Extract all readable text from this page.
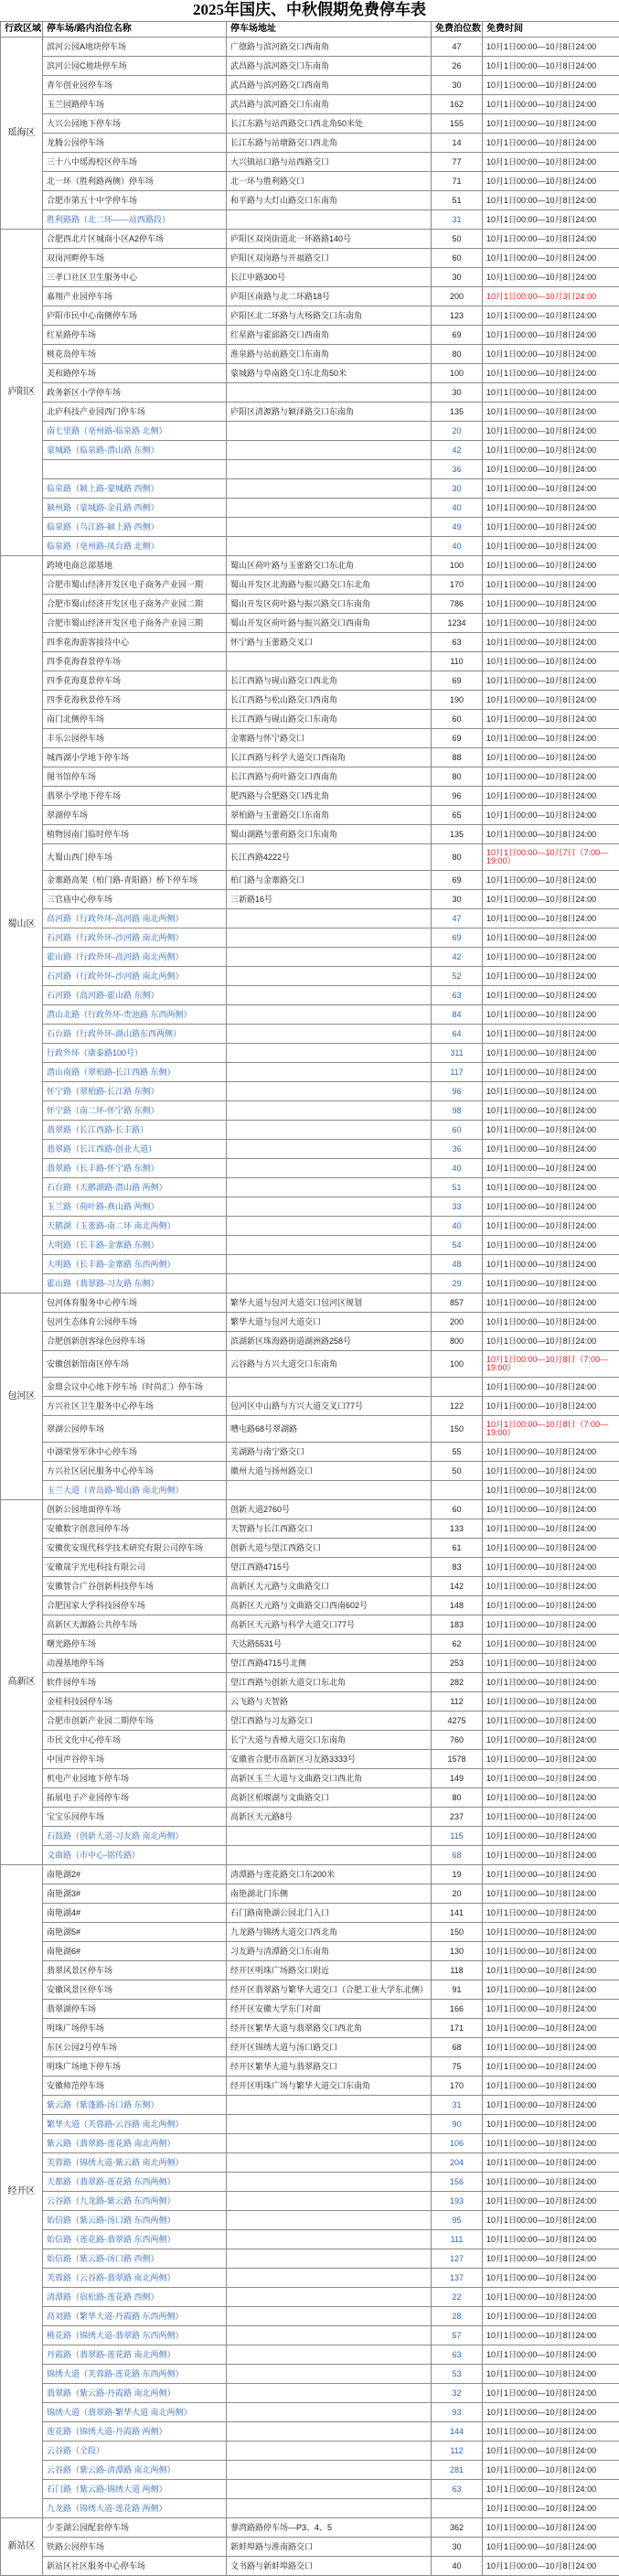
2025年国庆、中秋假期免费停车表
行政区域	停车场/路内泊位名称	停车场地址	免费泊位数	免费时间
瑶海区	滨河公园A地块停车场	广德路与滨河路交口西南角	47	10月1日00:00—10月8日24:00
	滨河公园C地块停车场	武昌路与滨河路交口东南角	26	10月1日00:00—10月8日24:00
	青年创业园停车场	武昌路与滨河路交口西南角	30	10月1日00:00—10月8日24:00
	玉兰园路停车场	武昌路与滨河路交口东南角	162	10月1日00:00—10月8日24:00
	大兴公园地下停车场	长江东路与站西路交口西北角50米处	155	10月1日00:00—10月8日24:00
	龙腾公园停车场	长江东路与站塘路交口西北角	14	10月1日00:00—10月8日24:00
	三十八中瑶海校区停车场	大兴镇站口路与站西路交口	77	10月1日00:00—10月8日24:00
	北一环（胜利路两侧）停车场	北一环与胜利路交口	71	10月1日00:00—10月8日24:00
	合肥市第五十中学停车场	和平路与大灯山路交口东南角	51	10月1日00:00—10月8日24:00
	胜利路路（北二环——站西路段）		31	10月1日00:00—10月8日24:00
庐阳区	合肥西北片区城商小区A2停车场	庐阳区双岗街道北一环路路140号	50	10月1日00:00—10月8日24:00
	双岗河畔停车场	庐阳区双岗路与开福路交口	60	10月1日00:00—10月8日24:00
	三孝口社区卫生服务中心	长江中路300号	30	10月1日00:00—10月8日24:00
	嘉翔产业园停车场	庐阳区南路与北二环路18号	200	10月1日00:00—10月3日24:00
	庐阳市民中心南侧停车场	庐阳区北二环路与大杨路交口东南角	123	10月1日00:00—10月8日24:00
	红星路停车场	红星路与霍邱路交口西南角	69	10月1日00:00—10月8日24:00
	桃花岛停车场	淮泉路与站前路交口东南角	80	10月1日00:00—10月8日24:00
	美和路停车场	蒙城路与阜南路交口东北角50米	100	10月1日00:00—10月8日24:00
	政务新区小学停车场		30	10月1日00:00—10月8日24:00
	北庐科技产业园西门停车场	庐阳区清源路与颖泽路交口东南角	135	10月1日00:00—10月8日24:00
	南七里路（亳州路-临泉路 北侧）		20	10月1日00:00—10月8日24:00
	蒙城路（临泉路-潜山路 东侧）		42	10月1日00:00—10月8日24:00
			36	10月1日00:00—10月8日24:00
	临泉路（颍上路-蒙城路 西侧）		30	10月1日00:00—10月8日24:00
	颍州路（蒙城路-金孔路 西侧）		40	10月1日00:00—10月8日24:00
	临泉路（乌江路-颍上路 西侧）		49	10月1日00:00—10月8日24:00
	临泉路（亳州路-凤台路 北侧）		40	10月1日00:00—10月8日24:00
蜀山区	跨境电商总部基地	蜀山区荷叶路与玉蕾路交口东北角	100	10月1日00:00—10月8日24:00
	合肥市蜀山经济开发区电子商务产业园一期	蜀山开发区北海路与振兴路交口东北角	170	10月1日00:00—10月8日24:00
	合肥市蜀山经济开发区电子商务产业园二期	蜀山开发区荷叶路与振兴路交口东南角	786	10月1日00:00—10月8日24:00
	合肥市蜀山经济开发区电子商务产业园三期	蜀山开发区荷叶路与振兴路交口西南角	1234	10月1日00:00—10月8日24:00
	四季花海游客接待中心	怀宁路与玉蕾路交叉口	63	10月1日00:00—10月8日24:00
	四季花海春景停车场		110	10月1日00:00—10月8日24:00
	四季花海夏景停车场	长江西路与砚山路交口西北角	69	10月1日00:00—10月8日24:00
	四季花海秋景停车场	长江西路与松山路交口西南角	190	10月1日00:00—10月8日24:00
	南门北侧停车场	长江西路与砚山路交口东南角	60	10月1日00:00—10月8日24:00
	丰乐公园停车场	金寨路与怀宁路交口	69	10月1日00:00—10月8日24:00
	城西湖小学地下停车场	长江西路与科学大道交口西南角	88	10月1日00:00—10月8日24:00
	图书馆停车场	长江西路与荷叶路交口西南角	80	10月1日00:00—10月8日24:00
	翡翠小学地下停车场	肥西路与合肥路交口西北角	96	10月1日00:00—10月8日24:00
	翠湖停车场	翠柏路与玉蕾路交口东南角	65	10月1日00:00—10月8日24:00
	植物园南门临时停车场	蜀山湖路与蕾荷路交口东南角	135	10月1日00:00—10月8日24:00
	大蜀山西门停车场	长江西路4222号	80	10月1日00:00—10月7日（7:00—19:00）
	金寨路高架（柏门路-青阳路）桥下停车场	柏门路与金寨路交口	69	10月1日00:00—10月8日24:00
	三官庙中心停车场	三新路16号	30	10月1日00:00—10月8日24:00
	高河路（行政外环-高河路 南北两侧）		47	10月1日00:00—10月8日24:00
	石河路（行政外环-沙河路 南北两侧）		69	10月1日00:00—10月8日24:00
	霍山路（行政外环-高河路 南北两侧）		42	10月1日00:00—10月8日24:00
	石河路（行政外环-沙河路 南北两侧）		52	10月1日00:00—10月8日24:00
	石河路（高河路-霍山路 东侧）		63	10月1日00:00—10月8日24:00
	潜山北路（行政外环-贵池路 东西两侧）		84	10月1日00:00—10月8日24:00
	石台路（行政外环-湖山路东西两侧）		64	10月1日00:00—10月8日24:00
	行政外环（康泰路100号）		311	10月1日00:00—10月8日24:00
	潜山南路（翠柏路-长江西路 东侧）		117	10月1日00:00—10月8日24:00
	怀宁路（翠柏路-长江路 东侧）		96	10月1日00:00—10月8日24:00
	怀宁路（南二环-怀宁路 东侧）		98	10月1日00:00—10月8日24:00
	翡翠路（长江西路-长丰路）		60	10月1日00:00—10月8日24:00
	翡翠路（长江西路-创业大道）		36	10月1日00:00—10月8日24:00
	翡翠路（长丰路-怀宁路 东侧）		40	10月1日00:00—10月8日24:00
	石台路（天鹅湖路-潜山路 两侧）		51	10月1日00:00—10月8日24:00
	玉兰路（荷叶路-燕山路 两侧）		33	10月1日00:00—10月8日24:00
	天鹅湖（玉蕾路-南二环 南北两侧）		40	10月1日00:00—10月8日24:00
	大明路（长丰路-金寨路 东侧）		54	10月1日00:00—10月8日24:00
	大明路（长丰路-金寨路 东西两侧）		48	10月1日00:00—10月8日24:00
	霍山路（翡翠路-习友路 东侧）		29	10月1日00:00—10月8日24:00
包河区	包河体育服务中心停车场	繁华大道与包河大道交口包河区规划	857	10月1日00:00—10月8日24:00
	包河生态体育公园停车场	繁华大道与包河大道交口	200	10月1日00:00—10月8日24:00
	合肥创新创客绿色园停车场	滨湖新区珠海路街道湖洲路258号	800	10月1日00:00—10月8日24:00
	安徽创新馆南区停车场	云谷路与方兴大道交口东南角	100	10月1日00:00—10月8日（7:00—19:00）
	金鼎会议中心地下停车场（时尚汇）停车场			10月1日00:00—10月8日24:00
	方兴社区卫生服务中心停车场	包河区中山路与方兴大道交叉口77号	122	10月1日00:00—10月8日24:00
	翠湖公园停车场	嘈屯路68号翠湖路	150	10月1日00:00—10月8日（7:00—19:00）
	中湖荣誉军休中心停车场	芜湖路与南宁路交口	55	10月1日00:00—10月8日24:00
	方兴社区居民服务中心停车场	徽州大道与扬州路交口	50	10月1日00:00—10月8日24:00
	玉兰大道（青岛路-蜀山路 南北两侧）			10月1日00:00—10月8日24:00
高新区	创新公园地面停车场	创新大道2760号	60	10月1日00:00—10月8日24:00
	安徽数字创意园停车场	天智路与长江西路交口	133	10月1日00:00—10月8日24:00
	安徽优安现代科学技术研究有限公司停车场	创新大道与望江西路交口	61	10月1日00:00—10月8日24:00
	安徽晟宇光电科技有限公司	望江西路4715号	83	10月1日00:00—10月8日24:00
	安徽智合广谷创新科技停车场	高新区天元路与文曲路交口	142	10月1日00:00—10月8日24:00
	合肥国家大学科技园停车场	高新区天元路与文曲路交口西南602号	148	10月1日00:00—10月8日24:00
	高新区天源路公共停车场	高新区天元路与科学大道交口77号	183	10月1日00:00—10月8日24:00
	曙光路停车场	天达路5531号	62	10月1日00:00—10月8日24:00
	动漫基地停车场	望江西路4715号北侧	253	10月1日00:00—10月8日24:00
	软件园停车场	望江西路与创新大道交口东北角	282	10月1日00:00—10月8日24:00
	金桂科技园停车场	云飞路与天智路	112	10月1日00:00—10月8日24:00
	合肥市创新产业园二期停车场	望江西路与习友路交口	4275	10月1日00:00—10月8日24:00
	市民文化中心停车场	长宁大道与香樟大道交口东南角	760	10月1日00:00—10月8日24:00
	中国声谷停车场	安徽省合肥市高新区习友路3333号	1578	10月1日00:00—10月8日24:00
	机电产业园地下停车场	高新区玉兰大道与文曲路交口西北角	149	10月1日00:00—10月8日24:00
	拓展电子产业园停车场	高新区柏堰湖与文曲路交口	80	10月1日00:00—10月8日24:00
	宝宝乐园停车场	高新区天元路8号	237	10月1日00:00—10月8日24:00
	石鼓路（创新大道-习友路 南北两侧）		115	10月1日00:00—10月8日24:00
	文曲路（市中心-铭传路）		68	10月1日00:00—10月8日24:00
经开区	南艳湖2#	清潭路与莲花路交口东200米	19	10月1日00:00—10月8日24:00
	南艳湖3#	南艳湖北门东侧	20	10月1日00:00—10月8日24:00
	南艳湖4#	石门路南艳湖公园北门入口	141	10月1日00:00—10月8日24:00
	南艳湖5#	九龙路与锦绣大道交口西北角	150	10月1日00:00—10月8日24:00
	南艳湖6#	习友路与清潭路交口东南角	130	10月1日00:00—10月8日24:00
	翡翠风景区停车场	经开区明珠广场路交口附近	118	10月1日00:00—10月8日24:00
	安徽风景区停车场	经开区翡翠路与繁华大道交口（合肥工业大学东北侧）	91	10月1日00:00—10月8日24:00
	翡翠湖停车场	经开区安徽大学东门对面	166	10月1日00:00—10月8日24:00
	明珠广场停车场	经开区繁华大道与翡翠路交口西北角	171	10月1日00:00—10月8日24:00
	东区公园2号停车场	经开区锦绣大道与汤口路交口	68	10月1日00:00—10月8日24:00
	明珠广场地下停车场	经开区繁华大道与翡翠路交口	75	10月1日00:00—10月8日24:00
	安徽师范停车场	经开区明珠广场与繁华大道交口东南角	170	10月1日00:00—10月8日24:00
	紫云路（紫蓬路-汤口路 东侧）		31	10月1日00:00—10月8日24:00
	繁华大道（芙蓉路-云谷路 南北两侧）		90	10月1日00:00—10月8日24:00
	紫云路（翡翠路-莲花路 南北两侧）		106	10月1日00:00—10月8日24:00
	芙蓉路（锦绣大道-紫云路 南北两侧）		204	10月1日00:00—10月8日24:00
	天都路（翡翠路-莲花路 东西两侧）		156	10月1日00:00—10月8日24:00
	云谷路（九龙路-紫云路 东西两侧）		193	10月1日00:00—10月8日24:00
	始信路（紫云路-汤口路 东西两侧）		95	10月1日00:00—10月8日24:00
	始信路（莲花路-翡翠路 东西两侧）		111	10月1日00:00—10月8日24:00
	始信路（紫云路-汤口路 西侧）		127	10月1日00:00—10月8日24:00
	芙蓉路（云谷路-翡翠路 南北两侧）		137	10月1日00:00—10月8日24:00
	清潭路（宿松路-莲花路 西侧）		22	10月1日00:00—10月8日24:00
	高刘路（繁华大道-丹霞路 东西两侧）		28	10月1日00:00—10月8日24:00
	桃花路（锦绣大道-翡翠路 东西两侧）		57	10月1日00:00—10月8日24:00
	丹霞路（翡翠路-莲花路 南北两侧）		63	10月1日00:00—10月8日24:00
	锦绣大道（芙蓉路-莲花路 东西两侧）		53	10月1日00:00—10月8日24:00
	翡翠路（紫云路-丹霞路 南北两侧）		32	10月1日00:00—10月8日24:00
	锦绣大道（翡翠路-繁华大道 南北两侧）		93	10月1日00:00—10月8日24:00
	莲花路（锦绣大道-丹霞路 两侧）		144	10月1日00:00—10月8日24:00
	云谷路（全段）		112	10月1日00:00—10月8日24:00
	云谷路（紫云路-清潭路 南北两侧）		281	10月1日00:00—10月8日24:00
	石门路（紫云路-锦绣大道 两侧）		63	10月1日00:00—10月8日24:00
	九龙路（锦绣大道-莲花路 两侧）			10月1日00:00—10月8日24:00
新站区	少荃湖公园配套停车场	蓼湾路路停车场—P3、4、5	362	10月1日00:00—10月8日24:00
	铁路公园停车场	新蚌埠路与淮南路交口	30	10月1日00:00—10月8日24:00
	新站区社区服务中心停车场	文书路与新蚌埠路交口	40	10月1日00:00—10月8日24:00
